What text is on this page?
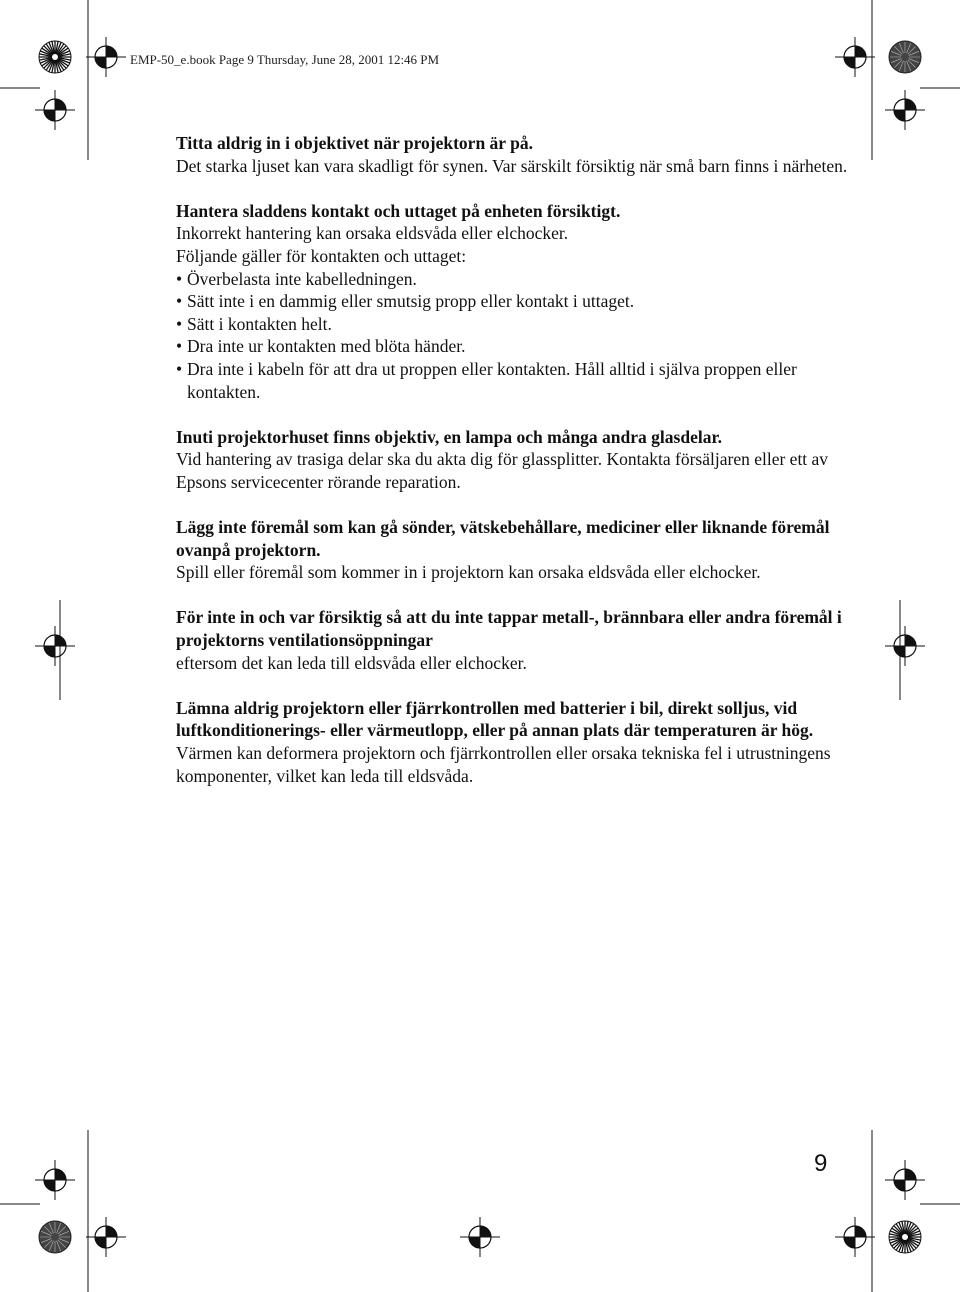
EMP-50_e.book Page 9 Thursday, June 28, 2001 12:46 PM
Titta aldrig in i objektivet när projektorn är på.
Det starka ljuset kan vara skadligt för synen. Var särskilt försiktig när små barn finns i närheten.
Hantera sladdens kontakt och uttaget på enheten försiktigt.
Inkorrekt hantering kan orsaka eldsvåda eller elchocker.
Följande gäller för kontakten och uttaget:
• Överbelasta inte kabelledningen.
• Sätt inte i en dammig eller smutsig propp eller kontakt i uttaget.
• Sätt i kontakten helt.
• Dra inte ur kontakten med blöta händer.
• Dra inte i kabeln för att dra ut proppen eller kontakten. Håll alltid i själva proppen eller kontakten.
Inuti projektorhuset finns objektiv, en lampa och många andra glasdelar.
Vid hantering av trasiga delar ska du akta dig för glassplitter. Kontakta försäljaren eller ett av Epsons servicecenter rörande reparation.
Lägg inte föremål som kan gå sönder, vätskebehållare, mediciner eller liknande föremål ovanpå projektorn.
Spill eller föremål som kommer in i projektorn kan orsaka eldsvåda eller elchocker.
För inte in och var försiktig så att du inte tappar metall-, brännbara eller andra föremål i projektorns ventilationsöppningar
eftersom det kan leda till eldsvåda eller elchocker.
Lämna aldrig projektorn eller fjärrkontrollen med batterier i bil, direkt solljus, vid luftkonditionerings- eller värmeutlopp, eller på annan plats där temperaturen är hög.
Värmen kan deformera projektorn och fjärrkontrollen eller orsaka tekniska fel i utrustningens komponenter, vilket kan leda till eldsvåda.
9
